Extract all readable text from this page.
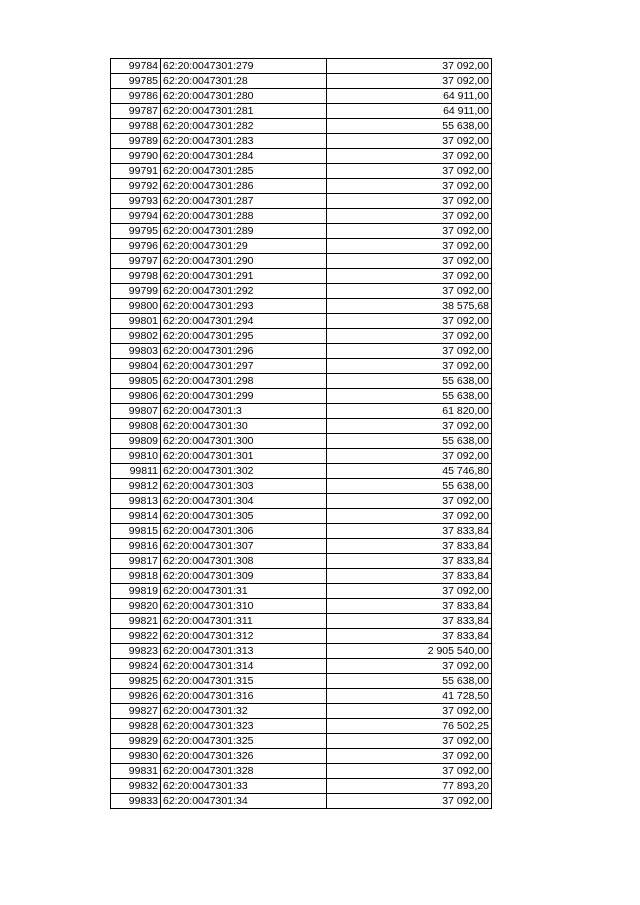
99784	62:20:0047301:279	37 092,00
99785	62:20:0047301:28	37 092,00
99786	62:20:0047301:280	64 911,00
99787	62:20:0047301:281	64 911,00
99788	62:20:0047301:282	55 638,00
99789	62:20:0047301:283	37 092,00
99790	62:20:0047301:284	37 092,00
99791	62:20:0047301:285	37 092,00
99792	62:20:0047301:286	37 092,00
99793	62:20:0047301:287	37 092,00
99794	62:20:0047301:288	37 092,00
99795	62:20:0047301:289	37 092,00
99796	62:20:0047301:29	37 092,00
99797	62:20:0047301:290	37 092,00
99798	62:20:0047301:291	37 092,00
99799	62:20:0047301:292	37 092,00
99800	62:20:0047301:293	38 575,68
99801	62:20:0047301:294	37 092,00
99802	62:20:0047301:295	37 092,00
99803	62:20:0047301:296	37 092,00
99804	62:20:0047301:297	37 092,00
99805	62:20:0047301:298	55 638,00
99806	62:20:0047301:299	55 638,00
99807	62:20:0047301:3	61 820,00
99808	62:20:0047301:30	37 092,00
99809	62:20:0047301:300	55 638,00
99810	62:20:0047301:301	37 092,00
99811	62:20:0047301:302	45 746,80
99812	62:20:0047301:303	55 638,00
99813	62:20:0047301:304	37 092,00
99814	62:20:0047301:305	37 092,00
99815	62:20:0047301:306	37 833,84
99816	62:20:0047301:307	37 833,84
99817	62:20:0047301:308	37 833,84
99818	62:20:0047301:309	37 833,84
99819	62:20:0047301:31	37 092,00
99820	62:20:0047301:310	37 833,84
99821	62:20:0047301:311	37 833,84
99822	62:20:0047301:312	37 833,84
99823	62:20:0047301:313	2 905 540,00
99824	62:20:0047301:314	37 092,00
99825	62:20:0047301:315	55 638,00
99826	62:20:0047301:316	41 728,50
99827	62:20:0047301:32	37 092,00
99828	62:20:0047301:323	76 502,25
99829	62:20:0047301:325	37 092,00
99830	62:20:0047301:326	37 092,00
99831	62:20:0047301:328	37 092,00
99832	62:20:0047301:33	77 893,20
99833	62:20:0047301:34	37 092,00
